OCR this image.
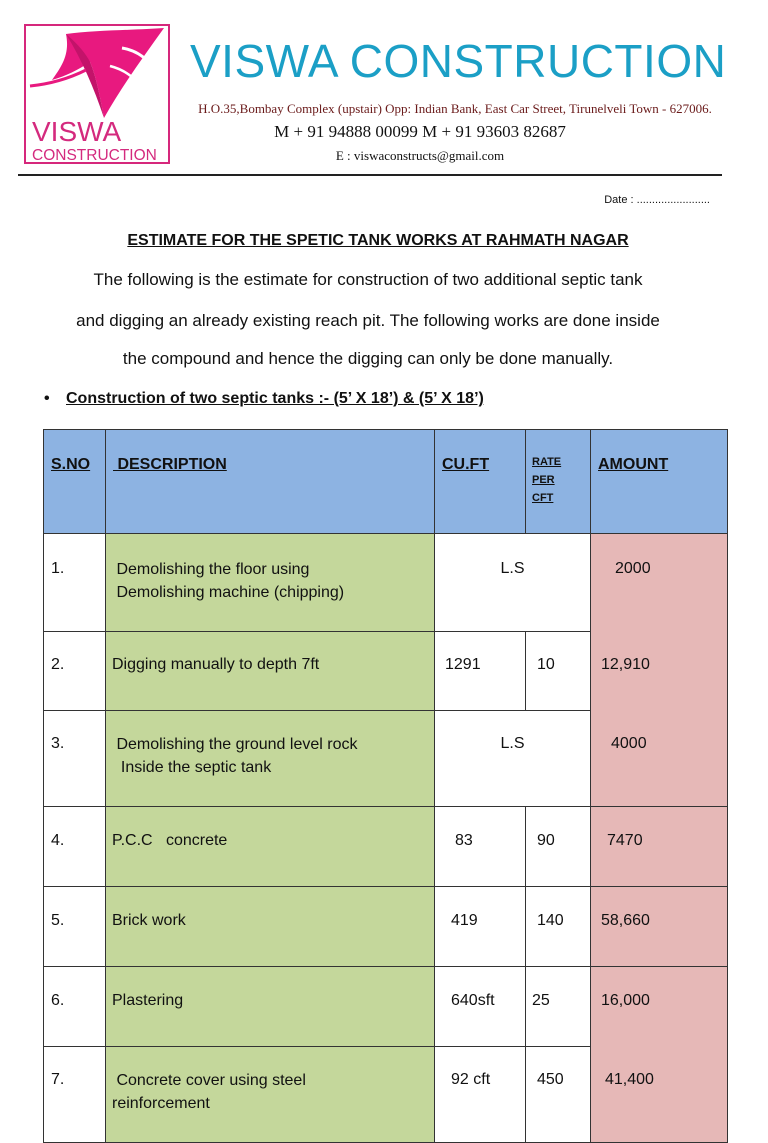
VISWA
CONSTRUCTION
VISWA CONSTRUCTION
H.O.35,Bombay Complex (upstair) Opp: Indian Bank, East Car Street, Tirunelveli Town - 627006.
M + 91 94888 00099 M + 91 93603 82687
E : viswaconstructs@gmail.com
Date : ........................
ESTIMATE FOR THE SPETIC TANK WORKS AT RAHMATH NAGAR
The following is the estimate for construction of two additional septic tank
and digging an already existing reach pit. The following works are done inside
the compound and hence the digging can only be done manually.
• Construction of two septic tanks :- (5’ X 18’) & (5’ X 18’)
S.NO	DESCRIPTION	CU.FT	RATE
PER
CFT	AMOUNT

1.	Demolishing the floor using
Demolishing machine (chipping)	L.S		2000
2.	Digging manually to depth 7ft	1291	10	12,910
3.	Demolishing the ground level rock
Inside the septic tank	L.S		4000
4.	P.C.C   concrete	83	90	7470
5.	Brick work	419	140	58,660
6.	Plastering	640sft	25	16,000
7.	Concrete cover using steel
reinforcement	92 cft	450	41,400
